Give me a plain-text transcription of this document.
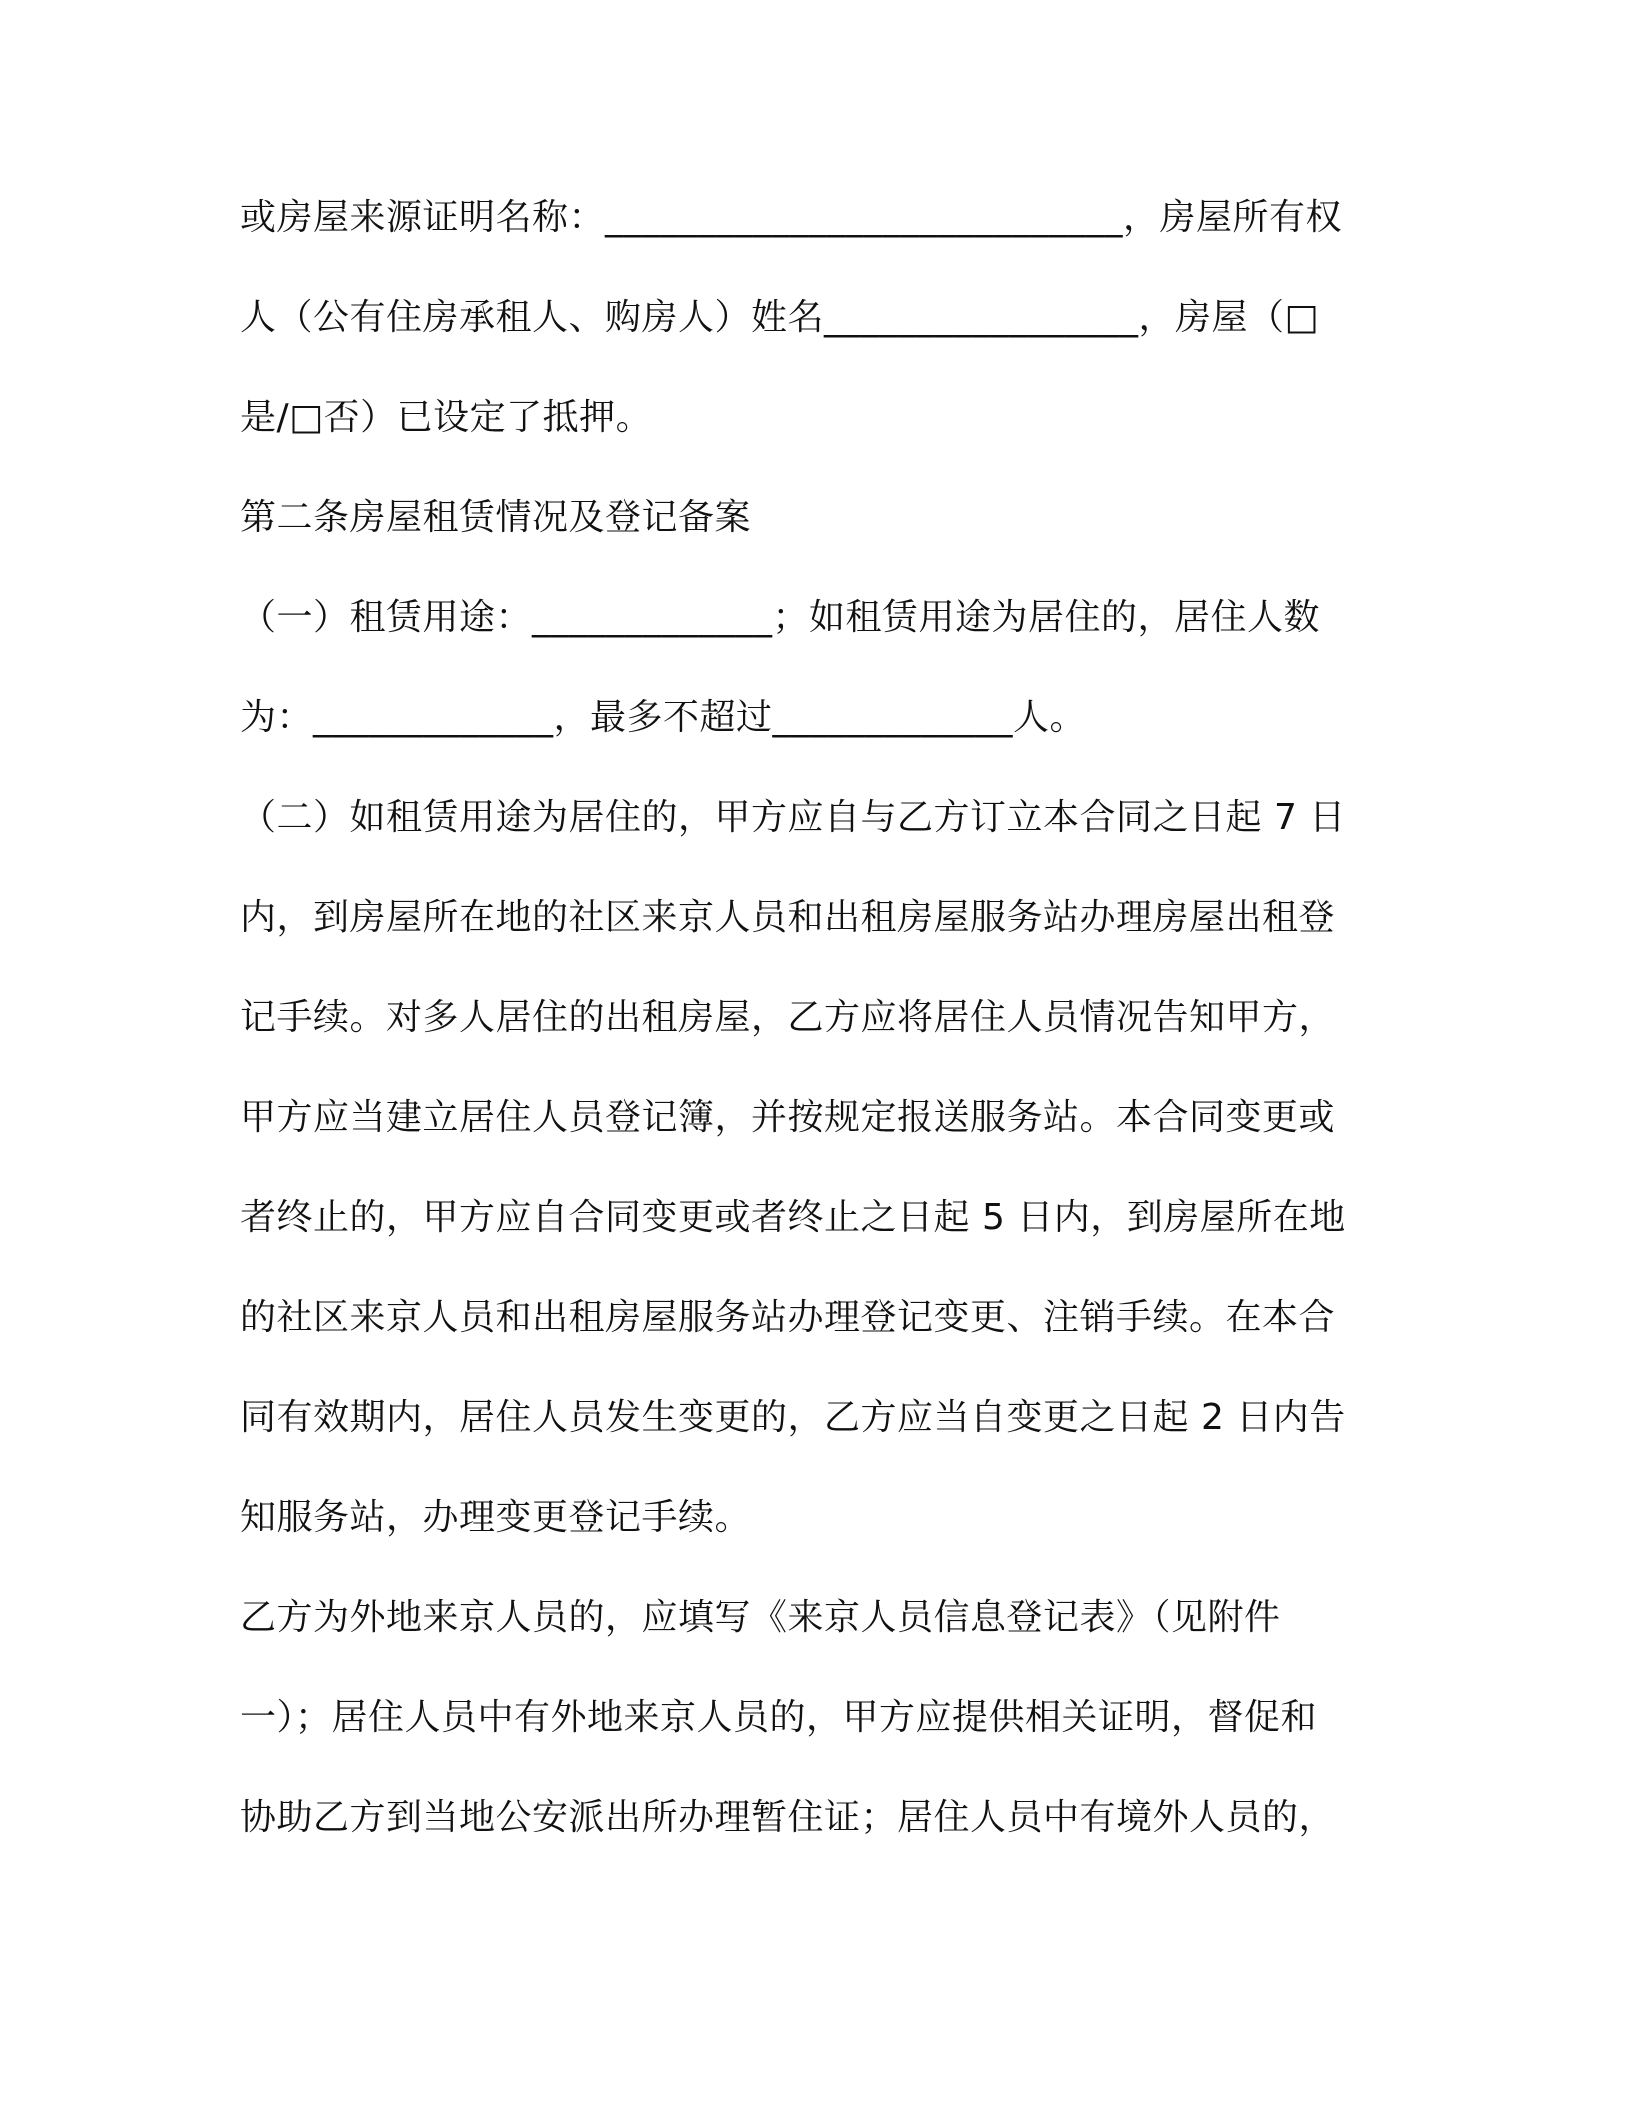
或房屋来源证明名称：____________________________，房屋所有权
人（公有住房承租人、购房人）姓名_________________，房屋（□
是/□否）已设定了抵押。
第二条房屋租赁情况及登记备案
（一）租赁用途：_____________；如租赁用途为居住的，居住人数
为：_____________，最多不超过_____________人。
（二）如租赁用途为居住的，甲方应自与乙方订立本合同之日起 7 日
内，到房屋所在地的社区来京人员和出租房屋服务站办理房屋出租登
记手续。对多人居住的出租房屋，乙方应将居住人员情况告知甲方，
甲方应当建立居住人员登记簿，并按规定报送服务站。本合同变更或
者终止的，甲方应自合同变更或者终止之日起 5 日内，到房屋所在地
的社区来京人员和出租房屋服务站办理登记变更、注销手续。在本合
同有效期内，居住人员发生变更的，乙方应当自变更之日起 2 日内告
知服务站，办理变更登记手续。
乙方为外地来京人员的，应填写《来京人员信息登记表》（见附件
一）；居住人员中有外地来京人员的，甲方应提供相关证明，督促和
协助乙方到当地公安派出所办理暂住证；居住人员中有境外人员的，
